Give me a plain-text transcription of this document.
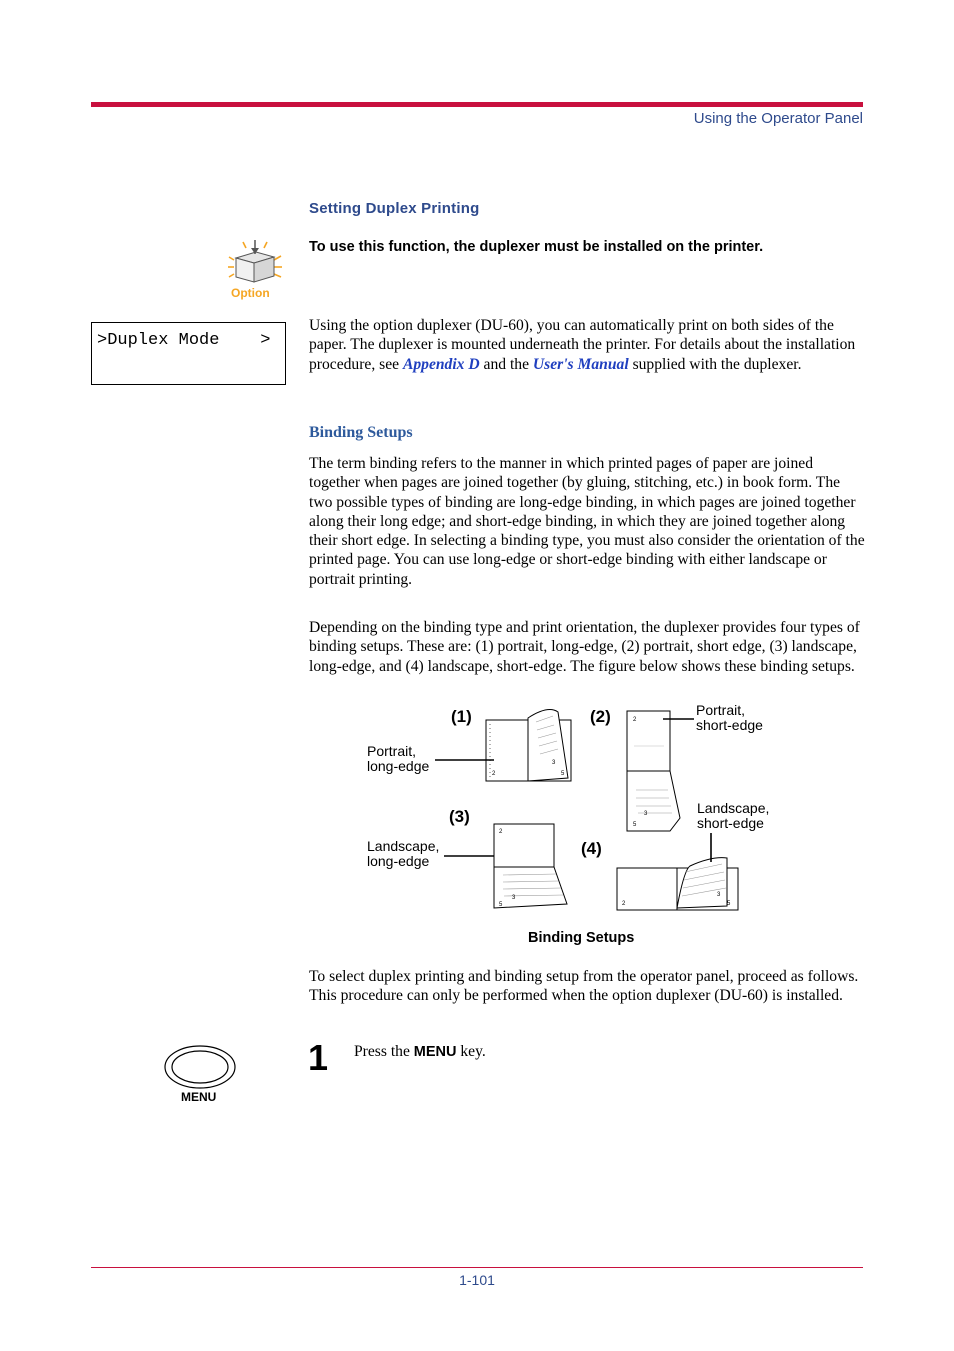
Using the Operator Panel
Setting Duplex Printing
Option
To use this function, the duplexer must be installed on the printer.
>Duplex Mode    >

Using the option duplexer (DU-60), you can automatically print on both sides of the paper. The duplexer is mounted underneath the printer. For details about the installation procedure, see Appendix D and the User's Manual supplied with the duplexer.

Binding Setups

The term binding refers to the manner in which printed pages of paper are joined together when pages are joined together (by gluing, stitching, etc.) in book form. The two possible types of binding are long-edge binding, in which pages are joined together along their long edge; and short-edge binding, in which they are joined together along their short edge. In selecting a binding type, you must also consider the orientation of the printed page. You can use long-edge or short-edge binding with either landscape or portrait printing.

Depending on the binding type and print orientation, the duplexer provides four types of binding setups. These are: (1) portrait, long-edge, (2) portrait, short edge, (3) landscape, long-edge, and (4) landscape, short-edge. The figure below shows these binding setups.

(1)	(2)
(3)
(4)
Portrait,
long-edge
Portrait,
short-edge
Landscape,
long-edge
Landscape,
short-edge
2
3
5
2
3
5
2
3
5	2
3
5
Binding Setups

To select duplex printing and binding setup from the operator panel, proceed as follows. This procedure can only be performed when the option duplexer (DU-60) is installed.

MENU
1 Press the MENU key.
1-101
